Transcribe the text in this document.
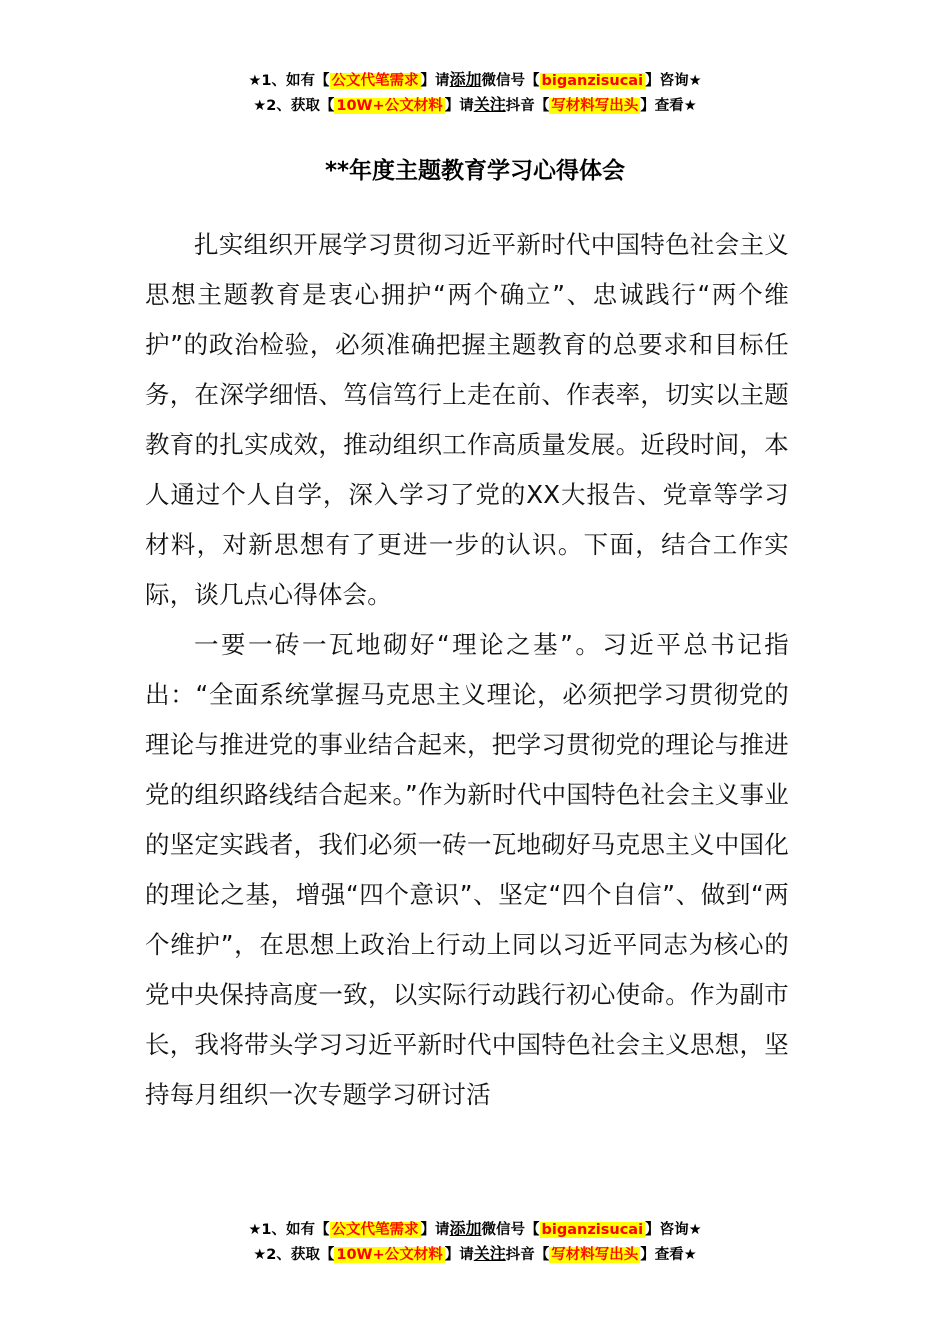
★1、如有【 公文代笔需求 】请添加微信号【 biganzisucai 】咨询★
★2、获取【 10W+公文材料 】请关注抖音【 写材料写出头 】查看★
**年度主题教育学习心得体会

扎实组织开展学习贯彻习近平新时代中国特色社会主义思想主题教育是衷心拥护“两个确立”、忠诚践行“两个维护”的政治检验，必须准确把握主题教育的总要求和目标任务，在深学细悟、笃信笃行上走在前、作表率，切实以主题教育的扎实成效，推动组织工作高质量发展。近段时间，本人通过个人自学，深入学习了党的XX大报告、党章等学习材料，对新思想有了更进一步的认识。下面，结合工作实际，谈几点心得体会。

一要一砖一瓦地砌好“理论之基”。习近平总书记指出：“全面系统掌握马克思主义理论，必须把学习贯彻党的理论与推进党的事业结合起来，把学习贯彻党的理论与推进党的组织路线结合起来。”作为新时代中国特色社会主义事业的坚定实践者，我们必须一砖一瓦地砌好马克思主义中国化的理论之基，增强“四个意识”、坚定“四个自信”、做到“两个维护”，在思想上政治上行动上同以习近平同志为核心的党中央保持高度一致，以实际行动践行初心使命。作为副市长，我将带头学习习近平新时代中国特色社会主义思想，坚持每月组织一次专题学习研讨活

★1、如有【 公文代笔需求 】请添加微信号【 biganzisucai 】咨询★
★2、获取【 10W+公文材料 】请关注抖音【 写材料写出头 】查看★
